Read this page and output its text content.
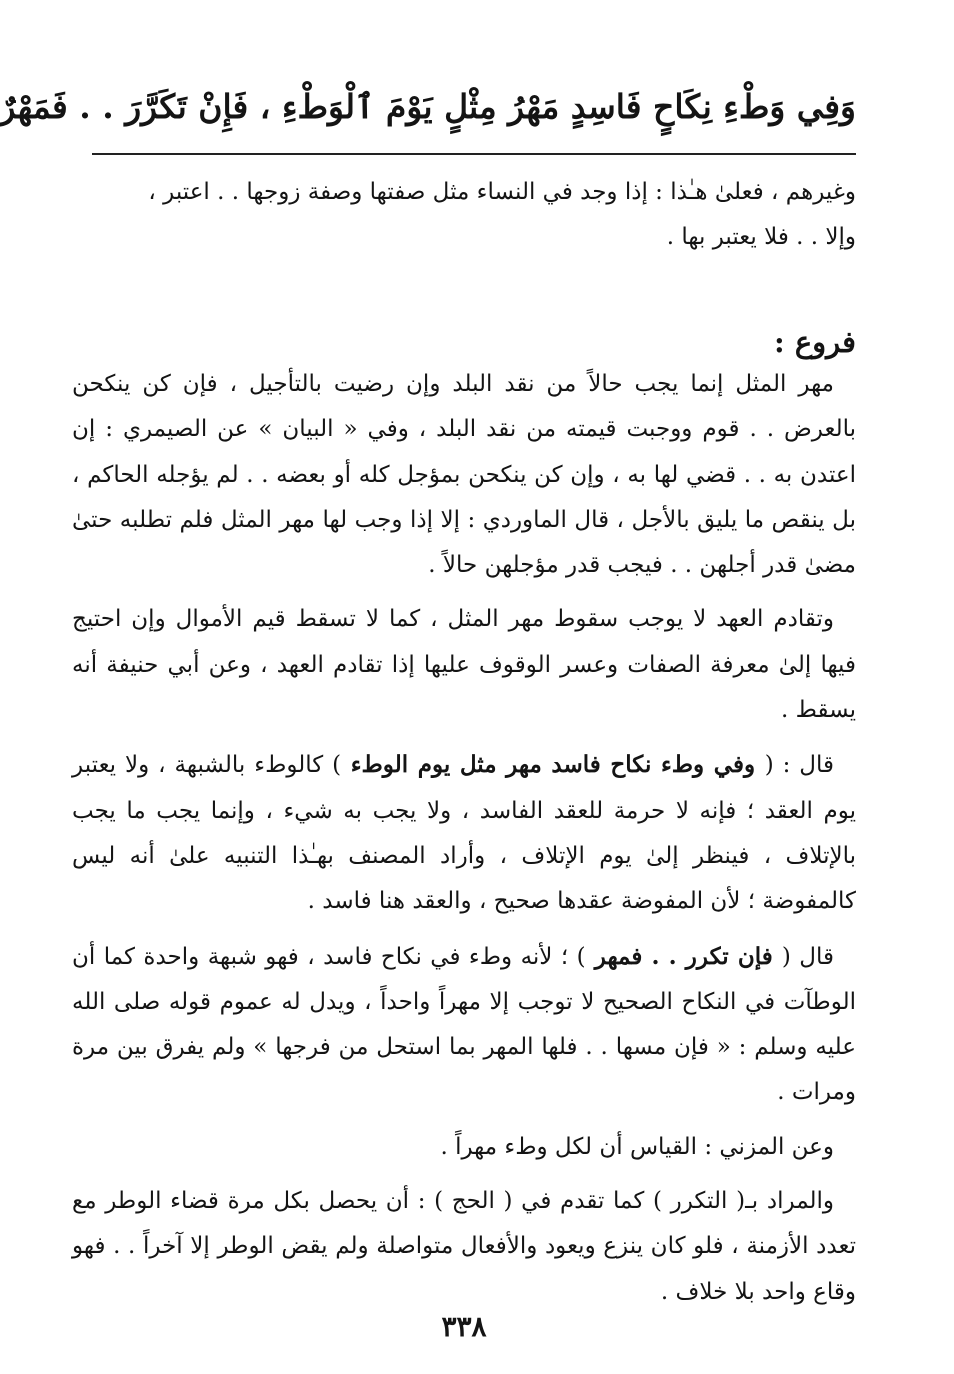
وَفِي وَطْءِ نِكَاحٍ فَاسِدٍ مَهْرُ مِثْلٍ يَوْمَ ٱلْوَطْءِ ، فَإِنْ تَكَرَّرَ . . فَمَهْرٌ

وغيرهم ، فعلىٰ هـٰذا : إذا وجد في النساء مثل صفتها وصفة زوجها . . اعتبر ،

وإلا . . فلا يعتبر بها .

فروع :

مهر المثل إنما يجب حالاً من نقد البلد وإن رضيت بالتأجيل ، فإن كن ينكحن بالعرض . . قوم ووجبت قيمته من نقد البلد ، وفي « البيان » عن الصيمري : إن اعتدن به . . قضي لها به ، وإن كن ينكحن بمؤجل كله أو بعضه . . لم يؤجله الحاكم ، بل ينقص ما يليق بالأجل ، قال الماوردي : إلا إذا وجب لها مهر المثل فلم تطلبه حتىٰ مضىٰ قدر أجلهن . . فيجب قدر مؤجلهن حالاً .

وتقادم العهد لا يوجب سقوط مهر المثل ، كما لا تسقط قيم الأموال وإن احتيج فيها إلىٰ معرفة الصفات وعسر الوقوف عليها إذا تقادم العهد ، وعن أبي حنيفة أنه يسقط .

قال : ( وفي وطء نكاح فاسد مهر مثل يوم الوطء ) كالوطء بالشبهة ، ولا يعتبر يوم العقد ؛ فإنه لا حرمة للعقد الفاسد ، ولا يجب به شيء ، وإنما يجب ما يجب بالإتلاف ، فينظر إلىٰ يوم الإتلاف ، وأراد المصنف بهـٰذا التنبيه علىٰ أنه ليس كالمفوضة ؛ لأن المفوضة عقدها صحيح ، والعقد هنا فاسد .

قال ( فإن تكرر . . فمهر ) ؛ لأنه وطء في نكاح فاسد ، فهو شبهة واحدة كما أن الوطآت في النكاح الصحيح لا توجب إلا مهراً واحداً ، ويدل له عموم قوله صلى الله عليه وسلم : « فإن مسها . . فلها المهر بما استحل من فرجها » ولم يفرق بين مرة ومرات .

وعن المزني : القياس أن لكل وطء مهراً .

والمراد بـ( التكرر ) كما تقدم في ( الحج ) : أن يحصل بكل مرة قضاء الوطر مع تعدد الأزمنة ، فلو كان ينزع ويعود والأفعال متواصلة ولم يقض الوطر إلا آخراً . . فهو وقاع واحد بلا خلاف .

٣٣٨
